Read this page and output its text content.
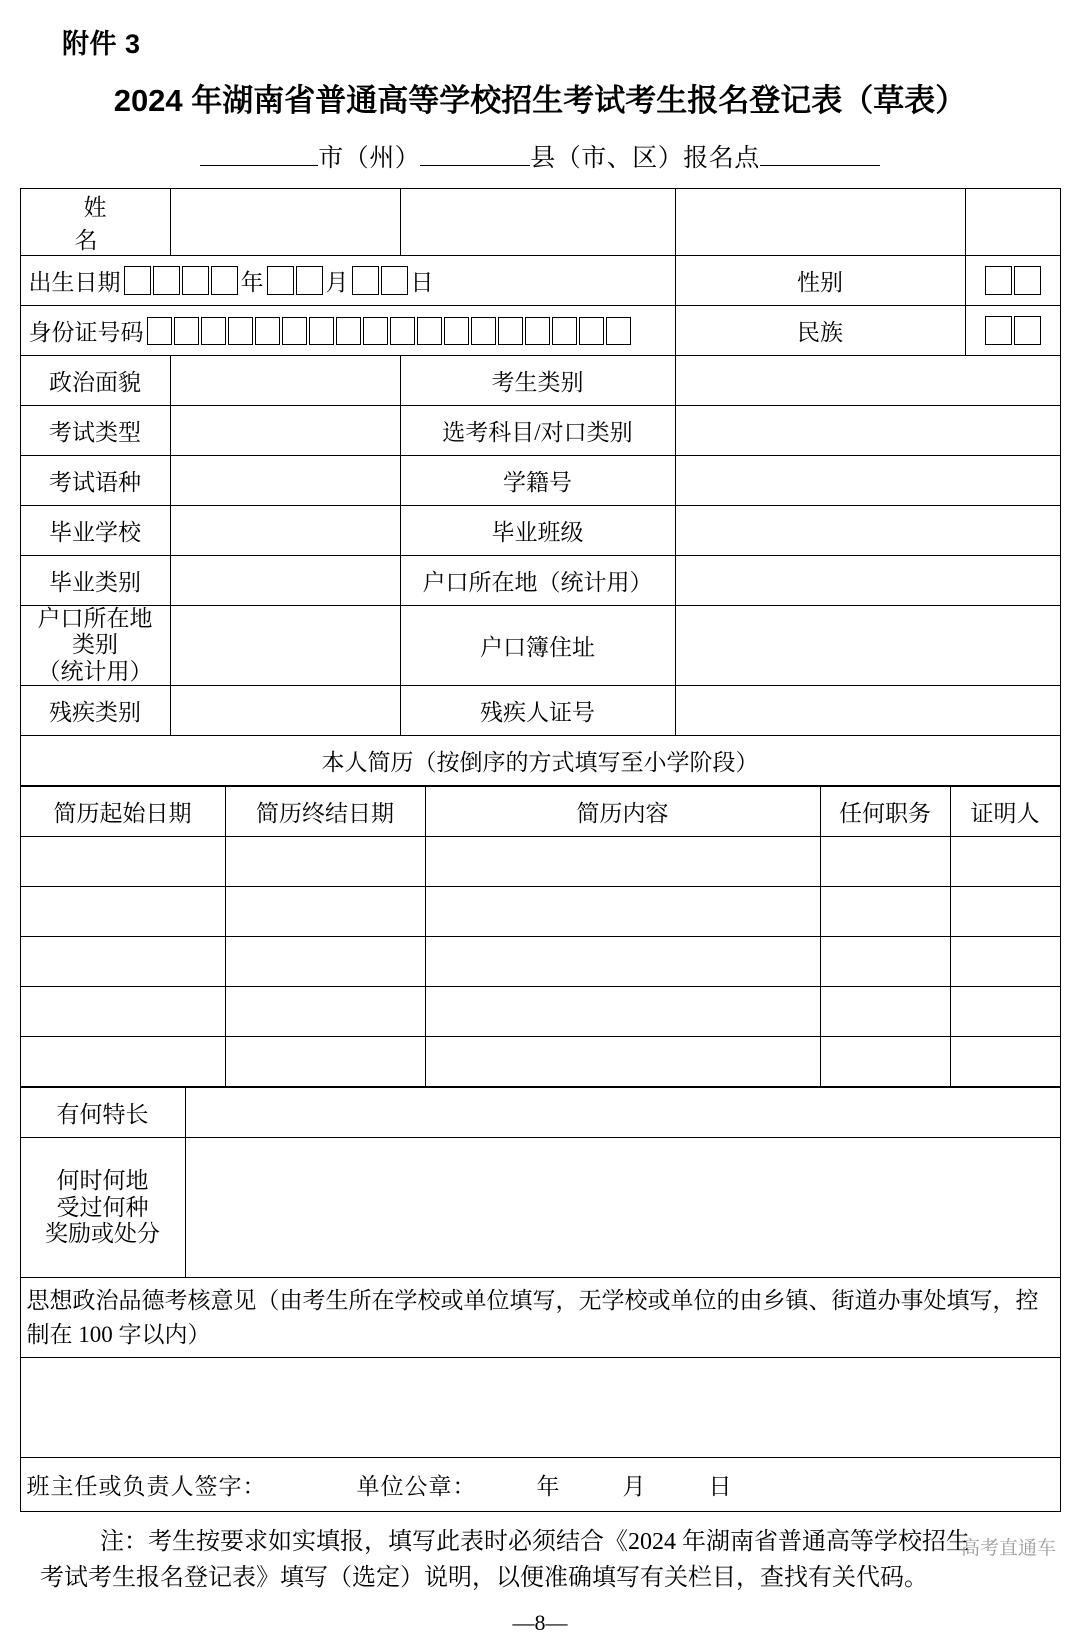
附件 3
2024 年湖南省普通高等学校招生考试考生报名登记表（草表）
市（州）	县（市、区）报名点
姓　　名				
出生日期 年 月 日			性别	

身份证号码			民族	

政治面貌		考生类别		
考试类型		选考科目/对口类别		
考试语种		学籍号		
毕业学校		毕业班级		
毕业类别		户口所在地（统计用）		
户口所在地类别
（统计用）		户口簿住址		
残疾类别		残疾人证号		
本人简历（按倒序的方式填写至小学阶段）				
简历起始日期	简历终结日期	简历内容	任何职务	证明人

有何特长	
何时何地
受过何种
奖励或处分	
思想政治品德考核意见（由考生所在学校或单位填写，无学校或单位的由乡镇、街道办事处填写，控制在 100 字以内）	

班主任或负责人签字： 单位公章： 年 月 日	
注：考生按要求如实填报，填写此表时必须结合《2024 年湖南省普通高等学校招生
考试考生报名登记表》填写（选定）说明，以便准确填写有关栏目，查找有关代码。
—8—
高考直通车
